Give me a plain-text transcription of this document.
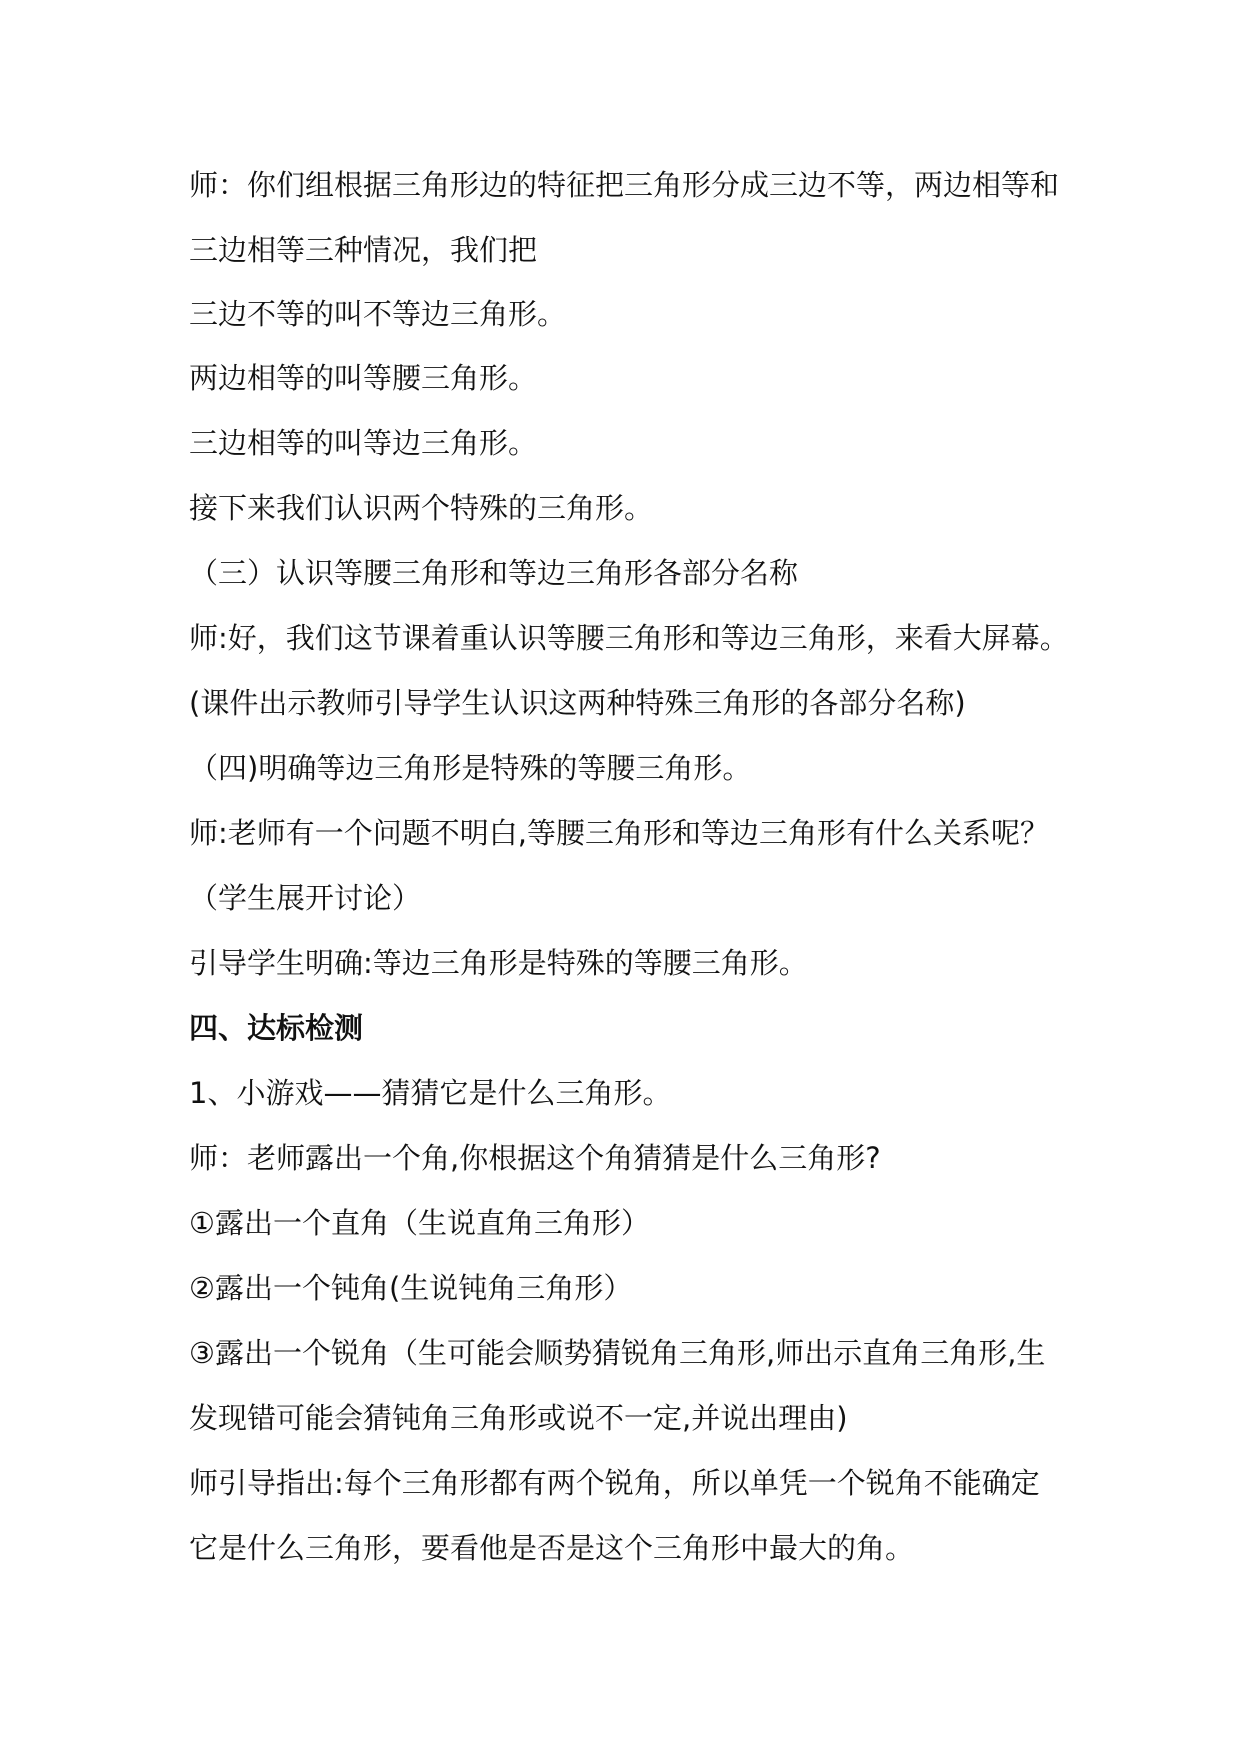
师：你们组根据三角形边的特征把三角形分成三边不等，两边相等和
三边相等三种情况，我们把
三边不等的叫不等边三角形。
两边相等的叫等腰三角形。
三边相等的叫等边三角形。
接下来我们认识两个特殊的三角形。
（三）认识等腰三角形和等边三角形各部分名称
师:好，我们这节课着重认识等腰三角形和等边三角形，来看大屏幕。
(课件出示教师引导学生认识这两种特殊三角形的各部分名称)
（四)明确等边三角形是特殊的等腰三角形。
师:老师有一个问题不明白,等腰三角形和等边三角形有什么关系呢？
（学生展开讨论）
引导学生明确:等边三角形是特殊的等腰三角形。
四、达标检测
1、小游戏——猜猜它是什么三角形。
师：老师露出一个角,你根据这个角猜猜是什么三角形?
①露出一个直角（生说直角三角形）
②露出一个钝角(生说钝角三角形）
③露出一个锐角（生可能会顺势猜锐角三角形,师出示直角三角形,生
发现错可能会猜钝角三角形或说不一定,并说出理由)
师引导指出:每个三角形都有两个锐角，所以单凭一个锐角不能确定
它是什么三角形，要看他是否是这个三角形中最大的角。
